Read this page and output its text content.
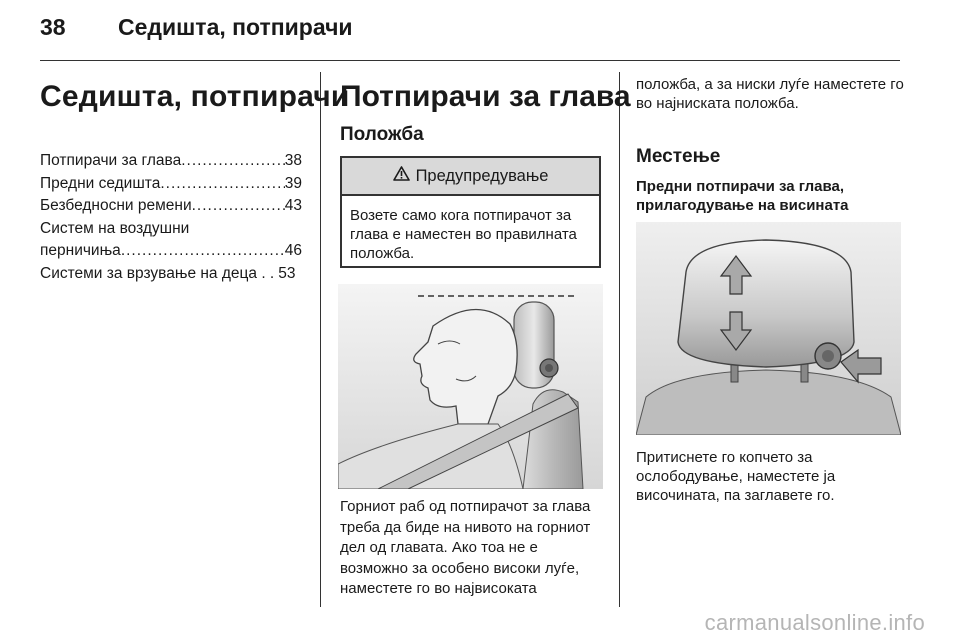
38 Седишта, потпирачи
Седишта, потпирачи
Потпирачи за глава .....	38
Предни седишта .....	39
Безбедносни ремени .....	43
Систем на воздушни
перничиња .....	46
Системи за врзување на деца . . 53
Потпирачи за глава
Положба
Предупредување
Возете само кога потпирачот за глава е наместен во правилната положба.
Горниот раб од потпирачот за глава треба да биде на нивото на горниот дел од главата. Ако тоа не е возможно за особено високи луѓе, наместете го во највисоката
положба, а за ниски луѓе наместете го во најниската положба.
Местење
Предни потпирачи за глава, прилагодување на висината
Притиснете го копчето за ослободување, наместете ја височината, па заглавете го.
carmanualsonline.info
